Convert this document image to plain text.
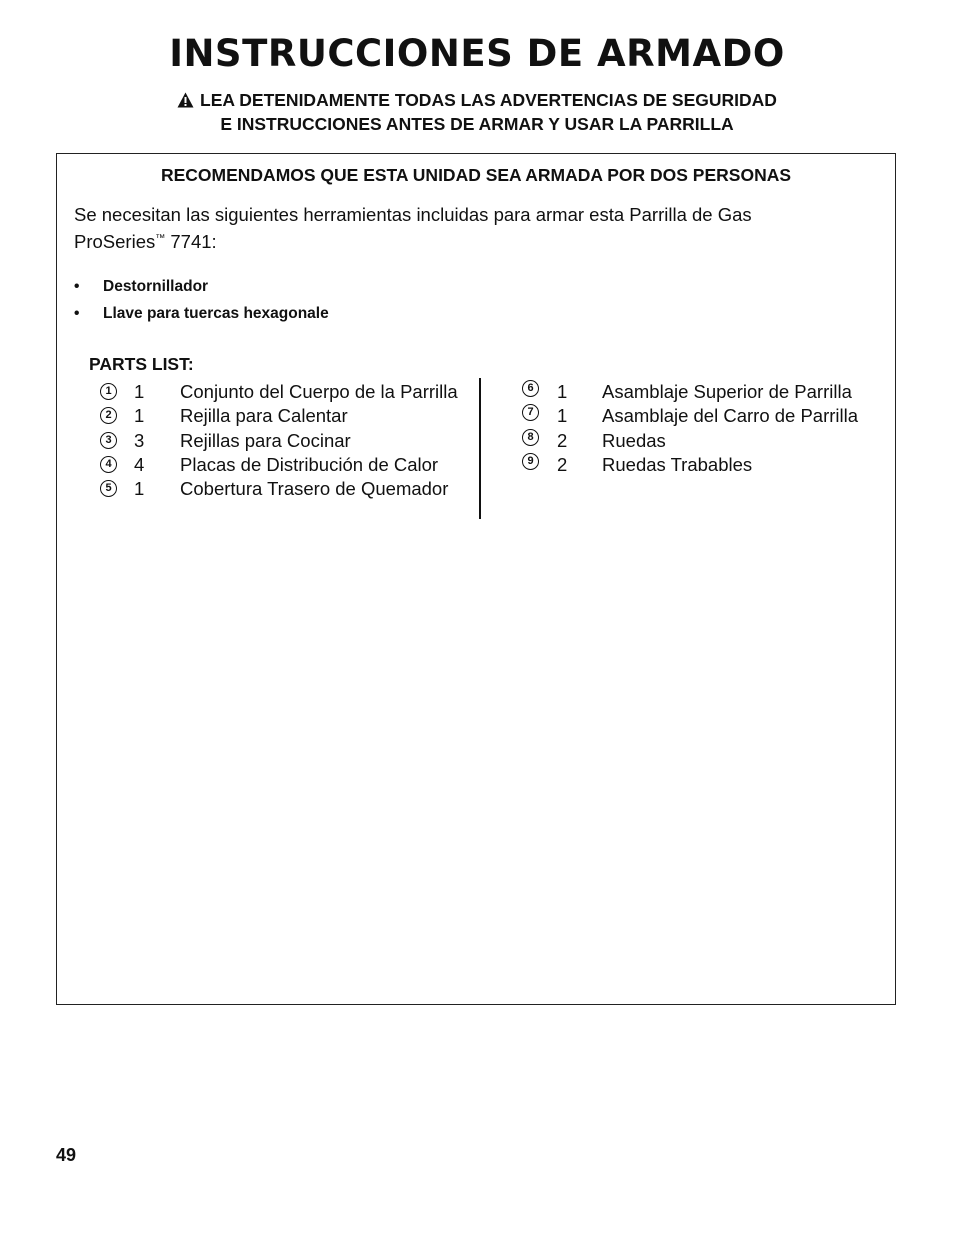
INSTRUCCIONES DE ARMADO
LEA DETENIDAMENTE TODAS LAS ADVERTENCIAS DE SEGURIDAD
E INSTRUCCIONES ANTES DE ARMAR Y USAR LA PARRILLA
RECOMENDAMOS QUE ESTA UNIDAD SEA ARMADA POR DOS PERSONAS
Se necesitan las siguientes herramientas incluidas para armar esta Parrilla de Gas ProSeries™ 7741:
• Destornillador
• Llave para tuercas hexagonale
PARTS LIST:
1 1 Conjunto del Cuerpo de la Parrilla
2 1 Rejilla para Calentar
3 3 Rejillas para Cocinar
4 4 Placas de Distribución de Calor
5 1 Cobertura Trasero de Quemador
6 1 Asamblaje Superior de Parrilla
7 1 Asamblaje del Carro de Parrilla
8 2 Ruedas
9 2 Ruedas Trabables
49
